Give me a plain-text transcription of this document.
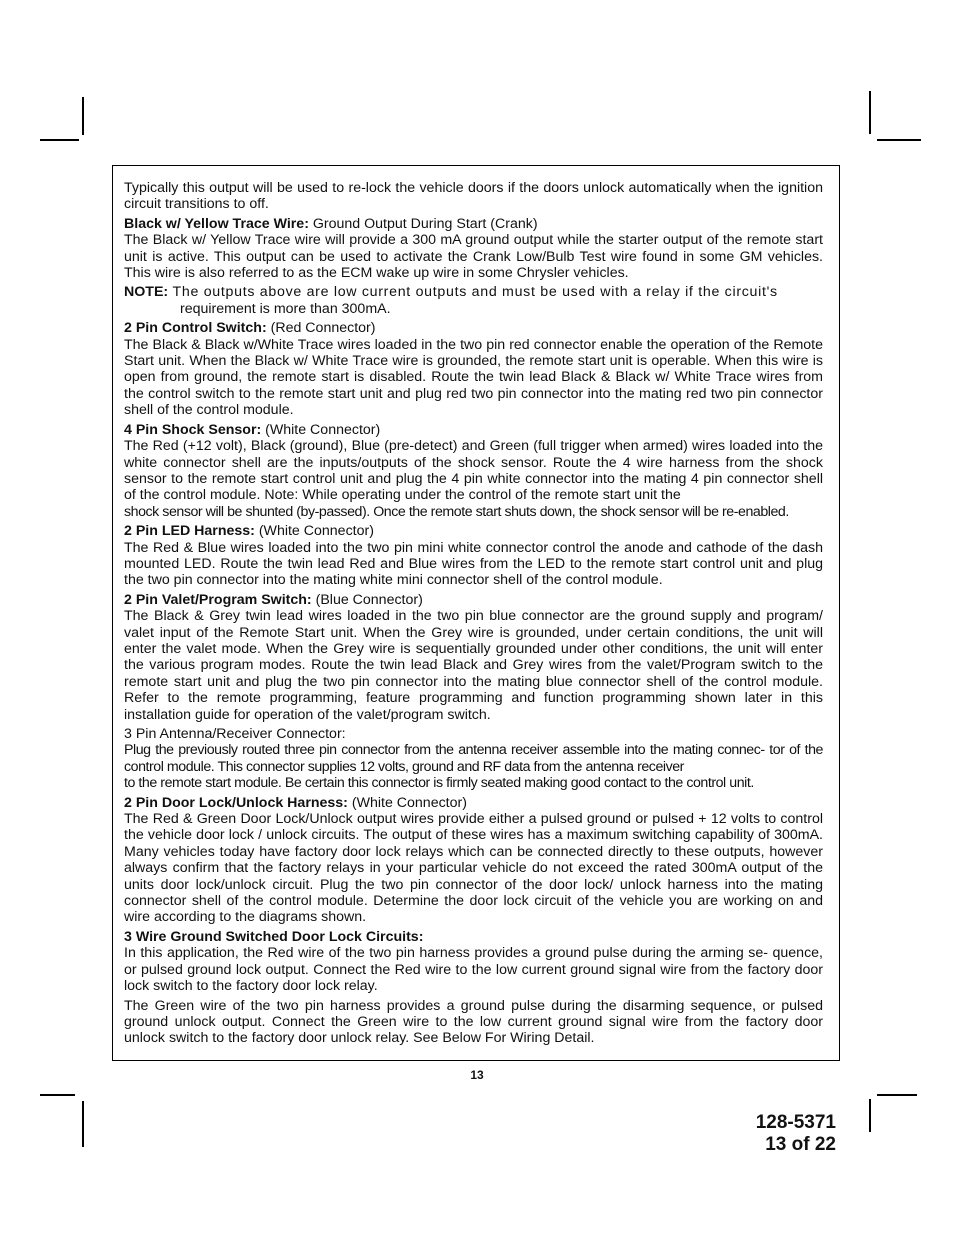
Typically this output will be used to re-lock the vehicle doors if the doors unlock automatically when the ignition circuit transitions to off.

Black w/ Yellow Trace Wire: Ground Output During Start (Crank)
The Black w/ Yellow Trace wire will provide a 300 mA ground output while the starter output of the remote start unit is active. This output can be used to activate the Crank Low/Bulb Test wire found in some GM vehicles. This wire is also referred to as the ECM wake up wire in some Chrysler vehicles.
NOTE: The outputs above are low current outputs and must be used with a relay if the circuit's
requirement is more than 300mA.
2 Pin Control Switch: (Red Connector)
The Black & Black w/White Trace wires loaded in the two pin red connector enable the operation of the Remote Start unit. When the Black w/ White Trace wire is grounded, the remote start unit is operable. When this wire is open from ground, the remote start is disabled. Route the twin lead Black & Black w/ White Trace wires from the control switch to the remote start unit and plug red two pin connector into the mating red two pin connector shell of the control module.
4 Pin Shock Sensor: (White Connector)
The Red (+12 volt), Black (ground), Blue (pre-detect) and Green (full trigger when armed) wires loaded into the white connector shell are the inputs/outputs of the shock sensor. Route the 4 wire harness from the shock sensor to the remote start control unit and plug the 4 pin white connector into the mating 4 pin connector shell of the control module. Note: While operating under the control of the remote start unit the
shock sensor will be shunted (by-passed). Once the remote start shuts down, the shock sensor will be re-enabled.
2 Pin LED Harness: (White Connector)
The Red & Blue wires loaded into the two pin mini white connector control the anode and cathode of the dash mounted LED. Route the twin lead Red and Blue wires from the LED to the remote start control unit and plug the two pin connector into the mating white mini connector shell of the control module.
2 Pin Valet/Program Switch: (Blue Connector)
The Black & Grey twin lead wires loaded in the two pin blue connector are the ground supply and program/ valet input of the Remote Start unit. When the Grey wire is grounded, under certain conditions, the unit will enter the valet mode. When the Grey wire is sequentially grounded under other conditions, the unit will enter the various program modes. Route the twin lead Black and Grey wires from the valet/Program switch to the remote start unit and plug the two pin connector into the mating blue connector shell of the control module. Refer to the remote programming, feature programming and function programming shown later in this installation guide for operation of the valet/program switch.
3 Pin Antenna/Receiver Connector:
Plug the previously routed three pin connector from the antenna receiver assemble into the mating connec- tor of the control module. This connector supplies 12 volts, ground and RF data from the antenna receiver
to the remote start module. Be certain this connector is firmly seated making good contact to the control unit.
2 Pin Door Lock/Unlock Harness: (White Connector)
The Red & Green Door Lock/Unlock output wires provide either a pulsed ground or pulsed + 12 volts to control the vehicle door lock / unlock circuits. The output of these wires has a maximum switching capability of 300mA. Many vehicles today have factory door lock relays which can be connected directly to these outputs, however always confirm that the factory relays in your particular vehicle do not exceed the rated 300mA output of the units door lock/unlock circuit. Plug the two pin connector of the door lock/ unlock harness into the mating connector shell of the control module. Determine the door lock circuit of the vehicle you are working on and wire according to the diagrams shown.
3 Wire Ground Switched Door Lock Circuits:
In this application, the Red wire of the two pin harness provides a ground pulse during the arming se- quence, or pulsed ground lock output. Connect the Red wire to the low current ground signal wire from the factory door lock switch to the factory door lock relay.

The Green wire of the two pin harness provides a ground pulse during the disarming sequence, or pulsed ground unlock output. Connect the Green wire to the low current ground signal wire from the factory door unlock switch to the factory door unlock relay. See Below For Wiring Detail.

13
128-5371
13 of 22
